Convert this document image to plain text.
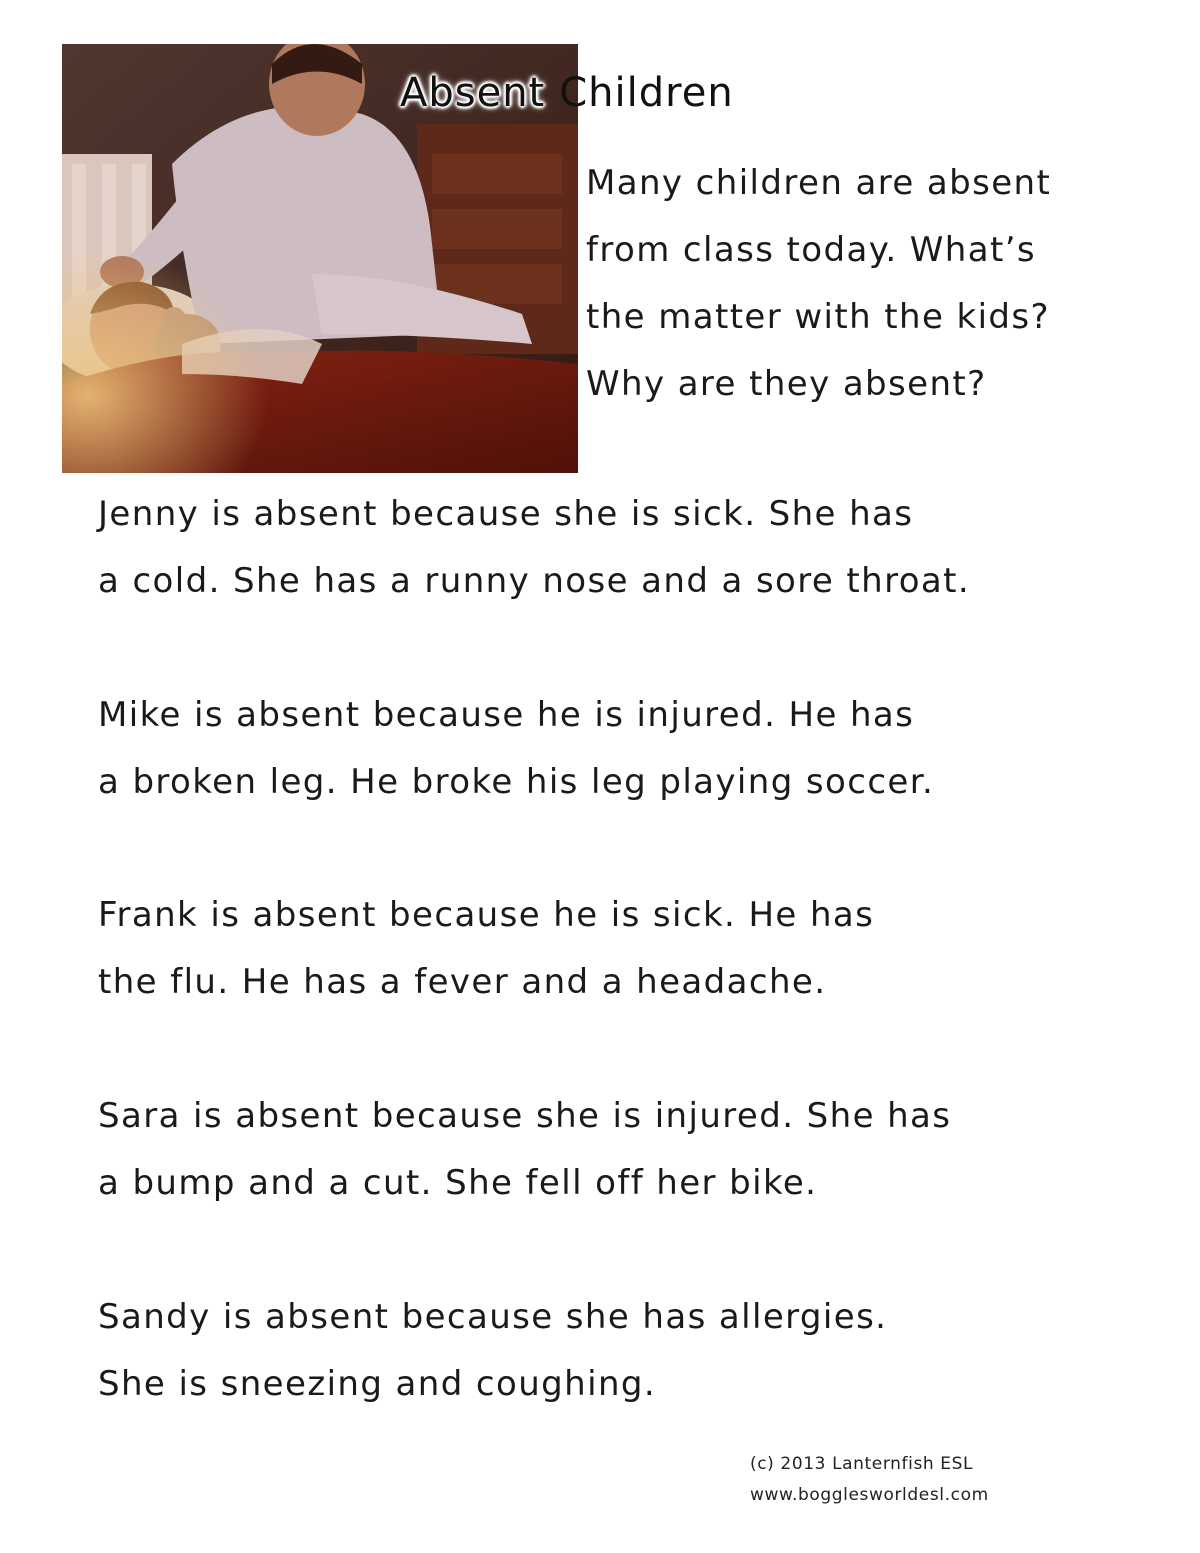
Absent Children
Many children are absent
from class today. What’s
the matter with the kids?
Why are they absent?
Jenny is absent because she is sick. She has
a cold. She has a runny nose and a sore throat.
Mike is absent because he is injured. He has
a broken leg. He broke his leg playing soccer.
Frank is absent because he is sick. He has
the flu. He has a fever and a headache.
Sara is absent because she is injured. She has
a bump and a cut. She fell off her bike.
Sandy is absent because she has allergies.
She is sneezing and coughing.
(c) 2013 Lanternfish ESL
www.bogglesworldesl.com
